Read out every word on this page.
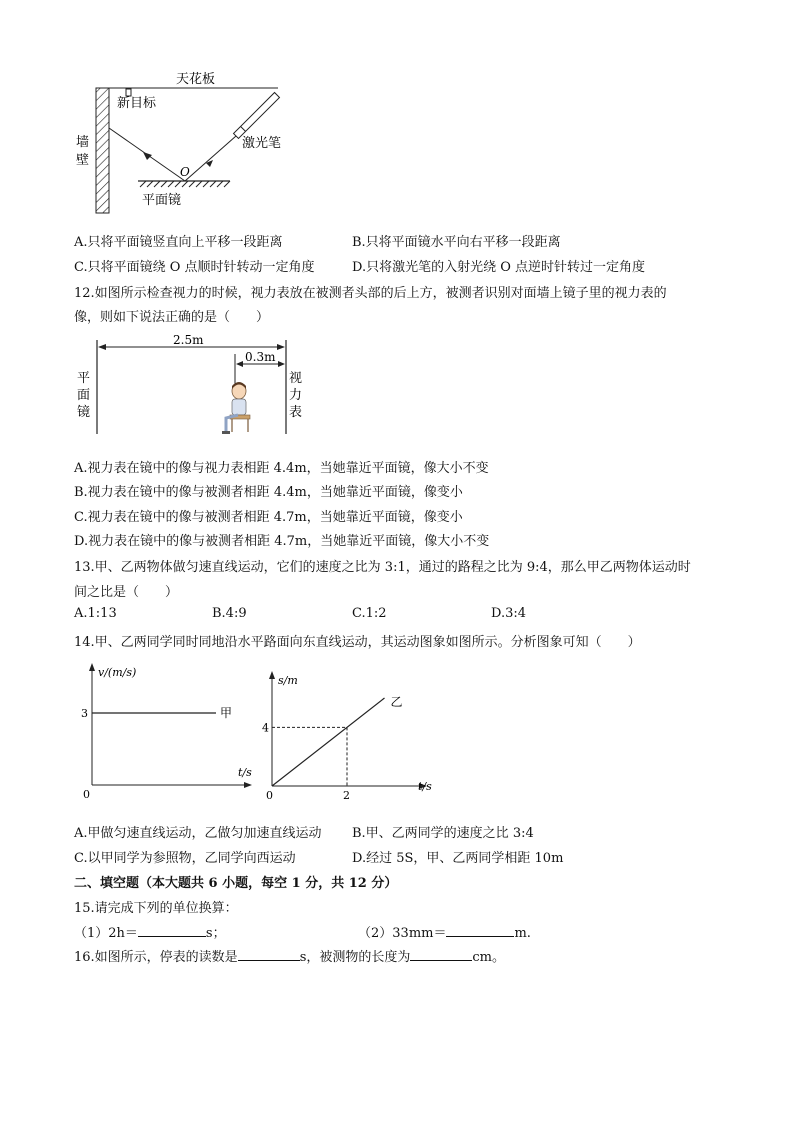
天花板
新目标
墙
壁
激光笔
O
平面镜
A.只将平面镜竖直向上平移一段距离	B.只将平面镜水平向右平移一段距离
C.只将平面镜绕 O 点顺时针转动一定角度	D.只将激光笔的入射光绕 O 点逆时针转过一定角度
12.如图所示检查视力的时候，视力表放在被测者头部的后上方，被测者识别对面墙上镜子里的视力表的
像，则如下说法正确的是（　　）
2.5m
0.3m
平
面
镜
视
力
表
A.视力表在镜中的像与视力表相距 4.4m，当她靠近平面镜，像大小不变
B.视力表在镜中的像与被测者相距 4.4m，当她靠近平面镜，像变小
C.视力表在镜中的像与被测者相距 4.7m，当她靠近平面镜，像变小
D.视力表在镜中的像与被测者相距 4.7m，当她靠近平面镜，像大小不变
13.甲、乙两物体做匀速直线运动，它们的速度之比为 3:1，通过的路程之比为 9:4，那么甲乙两物体运动时
间之比是（　　）
A.1:13	B.4:9	C.1:2	D.3:4
14.甲、乙两同学同时同地沿水平路面向东直线运动，其运动图象如图所示。分析图象可知（　　）
v/(m/s)
t/s
0
3	甲
s/m
t/s
0
4
2
乙
A.甲做匀速直线运动，乙做匀加速直线运动 B.甲、乙两同学的速度之比 3:4
C.以甲同学为参照物，乙同学向西运动	D.经过 5S，甲、乙两同学相距 10m
二、填空题（本大题共 6 小题，每空 1 分，共 12 分）
15.请完成下列的单位换算：
（1）2h＝	s；	（2）33mm＝	m.
16.如图所示，停表的读数是	s，被测物的长度为	cm。
